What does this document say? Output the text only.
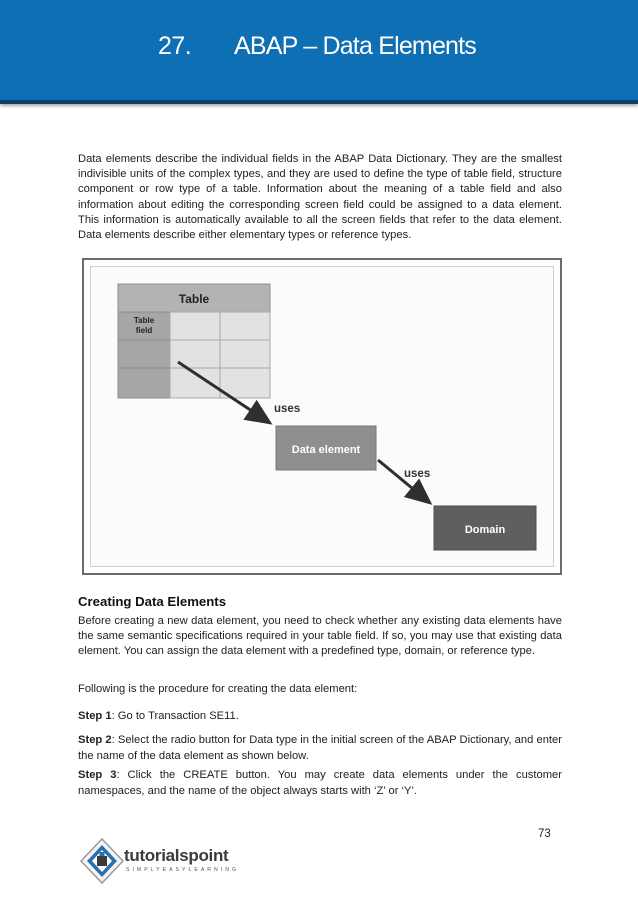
27. ABAP – Data Elements

Data elements describe the individual fields in the ABAP Data Dictionary. They are the smallest indivisible units of the complex types, and they are used to define the type of table field, structure component or row type of a table. Information about the meaning of a table field and also information about editing the corresponding screen field could be assigned to a data element. This information is automatically available to all the screen fields that refer to the data element. Data elements describe either elementary types or reference types.

Table
Table
field
uses
Data element
uses
Domain
Creating Data Elements

Before creating a new data element, you need to check whether any existing data elements have the same semantic specifications required in your table field. If so, you may use that existing data element. You can assign the data element with a predefined type, domain, or reference type.

Following is the procedure for creating the data element:

Step 1: Go to Transaction SE11.

Step 2: Select the radio button for Data type in the initial screen of the ABAP Dictionary, and enter the name of the data element as shown below.

Step 3: Click the CREATE button. You may create data elements under the customer namespaces, and the name of the object always starts with ‘Z’ or ‘Y’.

73
tutorialspoint
SIMPLYEASYLEARNING
